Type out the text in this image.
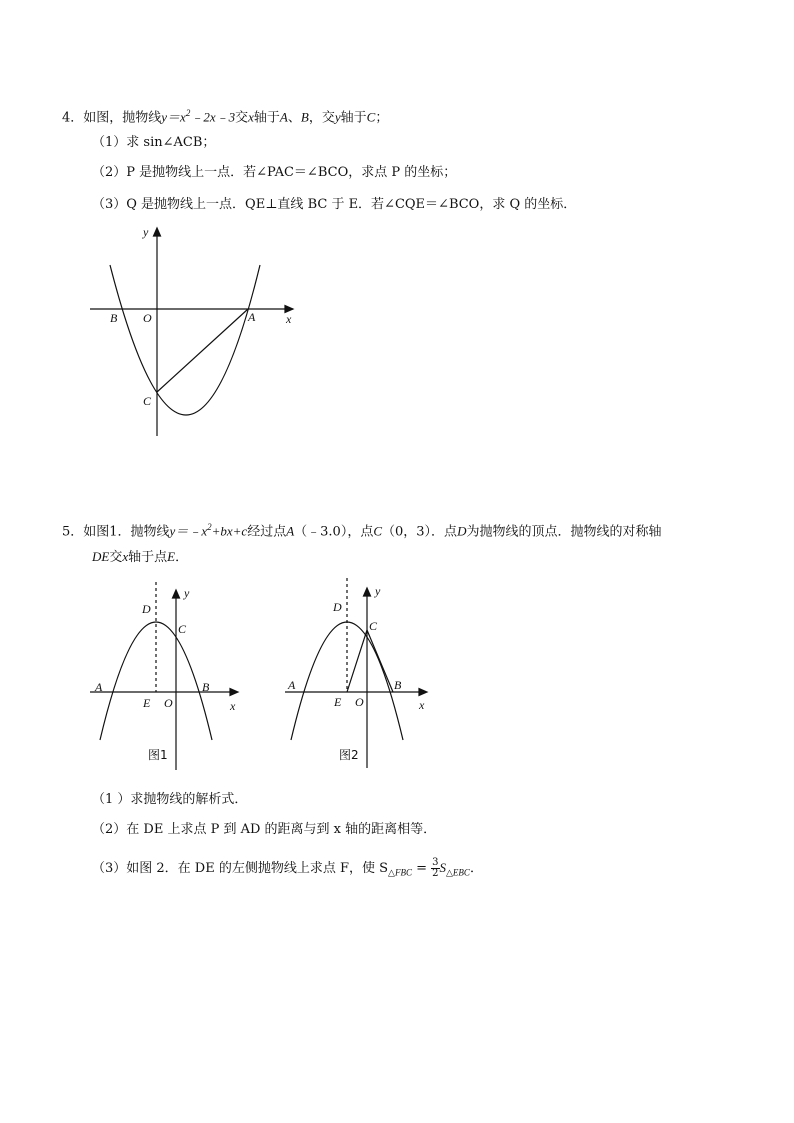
4．如图，抛物线$y=x^2﹣2x﹣3$交x轴于A、B，交y轴于C；
（1）求 sin∠ACB；
（2）P 是抛物线上一点．若∠PAC＝∠BCO，求点 P 的坐标；
（3）Q 是抛物线上一点．QE⊥直线 BC 于 E．若∠CQE＝∠BCO，求 Q 的坐标．
y
x
B O	A
C
5．如图1．抛物线$y=﹣x^2+bx+c$经过点A（﹣3.0），点C（0，3）．点D为抛物线的顶点．抛物线的对称轴
DE交x轴于点E．
y
x
D
C
A	B
E O
图1
y
x
D
C
A	B
E O
图2
（1 ）求抛物线的解析式．
（2）在 DE 上求点 P 到 AD 的距离与到 x 轴的距离相等．
（3）如图 2．在 DE 的左侧抛物线上求点 F，使 $S_{\triangle FBC} = \frac{3}{2} S_{\triangle EBC}$．
